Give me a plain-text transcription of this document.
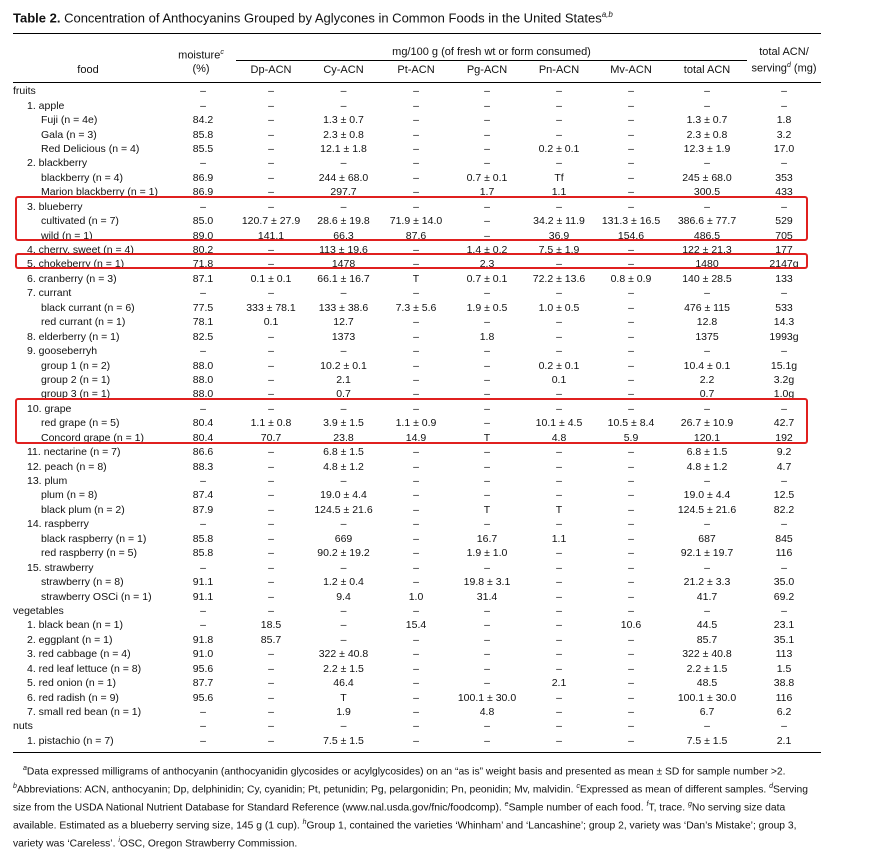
Table 2. Concentration of Anthocyanins Grouped by Aglycones in Common Foods in the United States$^{a,b}$
food
moisture$^c$
(%)
mg/100 g (of fresh wt or form consumed)
Dp-ACN	Cy-ACN	Pt-ACN	Pg-ACN	Pn-ACN	Mv-ACN	total ACN
total ACN/
serving$^d$ (mg)
fruits	–	–	–	–	–	–	–	–	–
1. apple	–	–	–	–	–	–	–	–	–
Fuji (n = 4e)	84.2	–	1.3 ± 0.7	–	–	–	–	1.3 ± 0.7	1.8
Gala (n = 3)	85.8	–	2.3 ± 0.8	–	–	–	–	2.3 ± 0.8	3.2
Red Delicious (n = 4)	85.5	–	12.1 ± 1.8	–	–	0.2 ± 0.1	–	12.3 ± 1.9	17.0
2. blackberry	–	–	–	–	–	–	–	–	–
blackberry (n = 4)	86.9	–	244 ± 68.0	–	0.7 ± 0.1	Tf	–	245 ± 68.0	353
Marion blackberry (n = 1)	86.9	–	297.7	–	1.7	1.1	–	300.5	433
3. blueberry	–	–	–	–	–	–	–	–	–
cultivated (n = 7)	85.0	120.7 ± 27.9	28.6 ± 19.8	71.9 ± 14.0	–	34.2 ± 11.9	131.3 ± 16.5	386.6 ± 77.7	529
wild (n = 1)	89.0	141.1	66.3	87.6	–	36.9	154.6	486.5	705
4. cherry, sweet (n = 4)	80.2	–	113 ± 19.6	–	1.4 ± 0.2	7.5 ± 1.9	–	122 ± 21.3	177
5. chokeberry (n = 1)	71.8	–	1478	–	2.3	–	–	1480	2147g
6. cranberry (n = 3)	87.1	0.1 ± 0.1	66.1 ± 16.7	T	0.7 ± 0.1	72.2 ± 13.6	0.8 ± 0.9	140 ± 28.5	133
7. currant	–	–	–	–	–	–	–	–	–
black currant (n = 6)	77.5	333 ± 78.1	133 ± 38.6	7.3 ± 5.6	1.9 ± 0.5	1.0 ± 0.5	–	476 ± 115	533
red currant (n = 1)	78.1	0.1	12.7	–	–	–	–	12.8	14.3
8. elderberry (n = 1)	82.5	–	1373	–	1.8	–	–	1375	1993g
9. gooseberryh	–	–	–	–	–	–	–	–	–
group 1 (n = 2)	88.0	–	10.2 ± 0.1	–	–	0.2 ± 0.1	–	10.4 ± 0.1	15.1g
group 2 (n = 1)	88.0	–	2.1	–	–	0.1	–	2.2	3.2g
group 3 (n = 1)	88.0	–	0.7	–	–	–	–	0.7	1.0g
10. grape	–	–	–	–	–	–	–	–	–
red grape (n = 5)	80.4	1.1 ± 0.8	3.9 ± 1.5	1.1 ± 0.9	–	10.1 ± 4.5	10.5 ± 8.4	26.7 ± 10.9	42.7
Concord grape (n = 1)	80.4	70.7	23.8	14.9	T	4.8	5.9	120.1	192
11. nectarine (n = 7)	86.6	–	6.8 ± 1.5	–	–	–	–	6.8 ± 1.5	9.2
12. peach (n = 8)	88.3	–	4.8 ± 1.2	–	–	–	–	4.8 ± 1.2	4.7
13. plum	–	–	–	–	–	–	–	–	–
plum (n = 8)	87.4	–	19.0 ± 4.4	–	–	–	–	19.0 ± 4.4	12.5
black plum (n = 2)	87.9	–	124.5 ± 21.6	–	T	T	–	124.5 ± 21.6	82.2
14. raspberry	–	–	–	–	–	–	–	–	–
black raspberry (n = 1)	85.8	–	669	–	16.7	1.1	–	687	845
red raspberry (n = 5)	85.8	–	90.2 ± 19.2	–	1.9 ± 1.0	–	–	92.1 ± 19.7	116
15. strawberry	–	–	–	–	–	–	–	–	–
strawberry (n = 8)	91.1	–	1.2 ± 0.4	–	19.8 ± 3.1	–	–	21.2 ± 3.3	35.0
strawberry OSCi (n = 1)	91.1	–	9.4	1.0	31.4	–	–	41.7	69.2
vegetables	–	–	–	–	–	–	–	–	–
1. black bean (n = 1)	–	18.5	–	15.4	–	–	10.6	44.5	23.1
2. eggplant (n = 1)	91.8	85.7	–	–	–	–	–	85.7	35.1
3. red cabbage (n = 4)	91.0	–	322 ± 40.8	–	–	–	–	322 ± 40.8	113
4. red leaf lettuce (n = 8)	95.6	–	2.2 ± 1.5	–	–	–	–	2.2 ± 1.5	1.5
5. red onion (n = 1)	87.7	–	46.4	–	–	2.1	–	48.5	38.8
6. red radish (n = 9)	95.6	–	T	–	100.1 ± 30.0	–	–	100.1 ± 30.0	116
7. small red bean (n = 1)	–	–	1.9	–	4.8	–	–	6.7	6.2
nuts	–	–	–	–	–	–	–	–	–
1. pistachio (n = 7)	–	–	7.5 ± 1.5	–	–	–	–	7.5 ± 1.5	2.1
$^a$Data expressed milligrams of anthocyanin (anthocyanidin glycosides or acylglycosides) on an “as is” weight basis and presented as mean ± SD for sample number >2. $^b$Abbreviations: ACN, anthocyanin; Dp, delphinidin; Cy, cyanidin; Pt, petunidin; Pg, pelargonidin; Pn, peonidin; Mv, malvidin. $^c$Expressed as mean of different samples. $^d$Serving size from the USDA National Nutrient Database for Standard Reference (www.nal.usda.gov/fnic/foodcomp). $^e$Sample number of each food. $^f$T, trace. $^g$No serving size data available. Estimated as a blueberry serving size, 145 g (1 cup). $^h$Group 1, contained the varieties ‘Whinham’ and ‘Lancashine’; group 2, variety was ‘Dan’s Mistake’; group 3, variety was ‘Careless’. $^i$OSC, Oregon Strawberry Commission.
